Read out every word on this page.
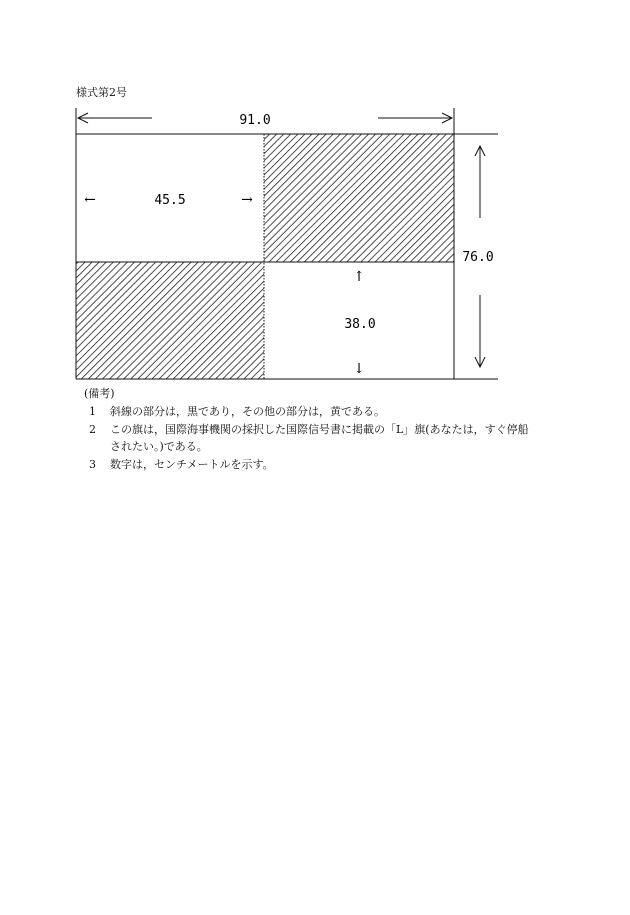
様式第2号
91.0
←	45.5	→
↑
38.0
↓
76.0
(備考)
1	斜線の部分は，黒であり，その他の部分は，黄である。
2	この旗は，国際海事機関の採択した国際信号書に掲載の「L」旗(あなたは，すぐ停船
されたい。)である。
3	数字は，センチメートルを示す。
